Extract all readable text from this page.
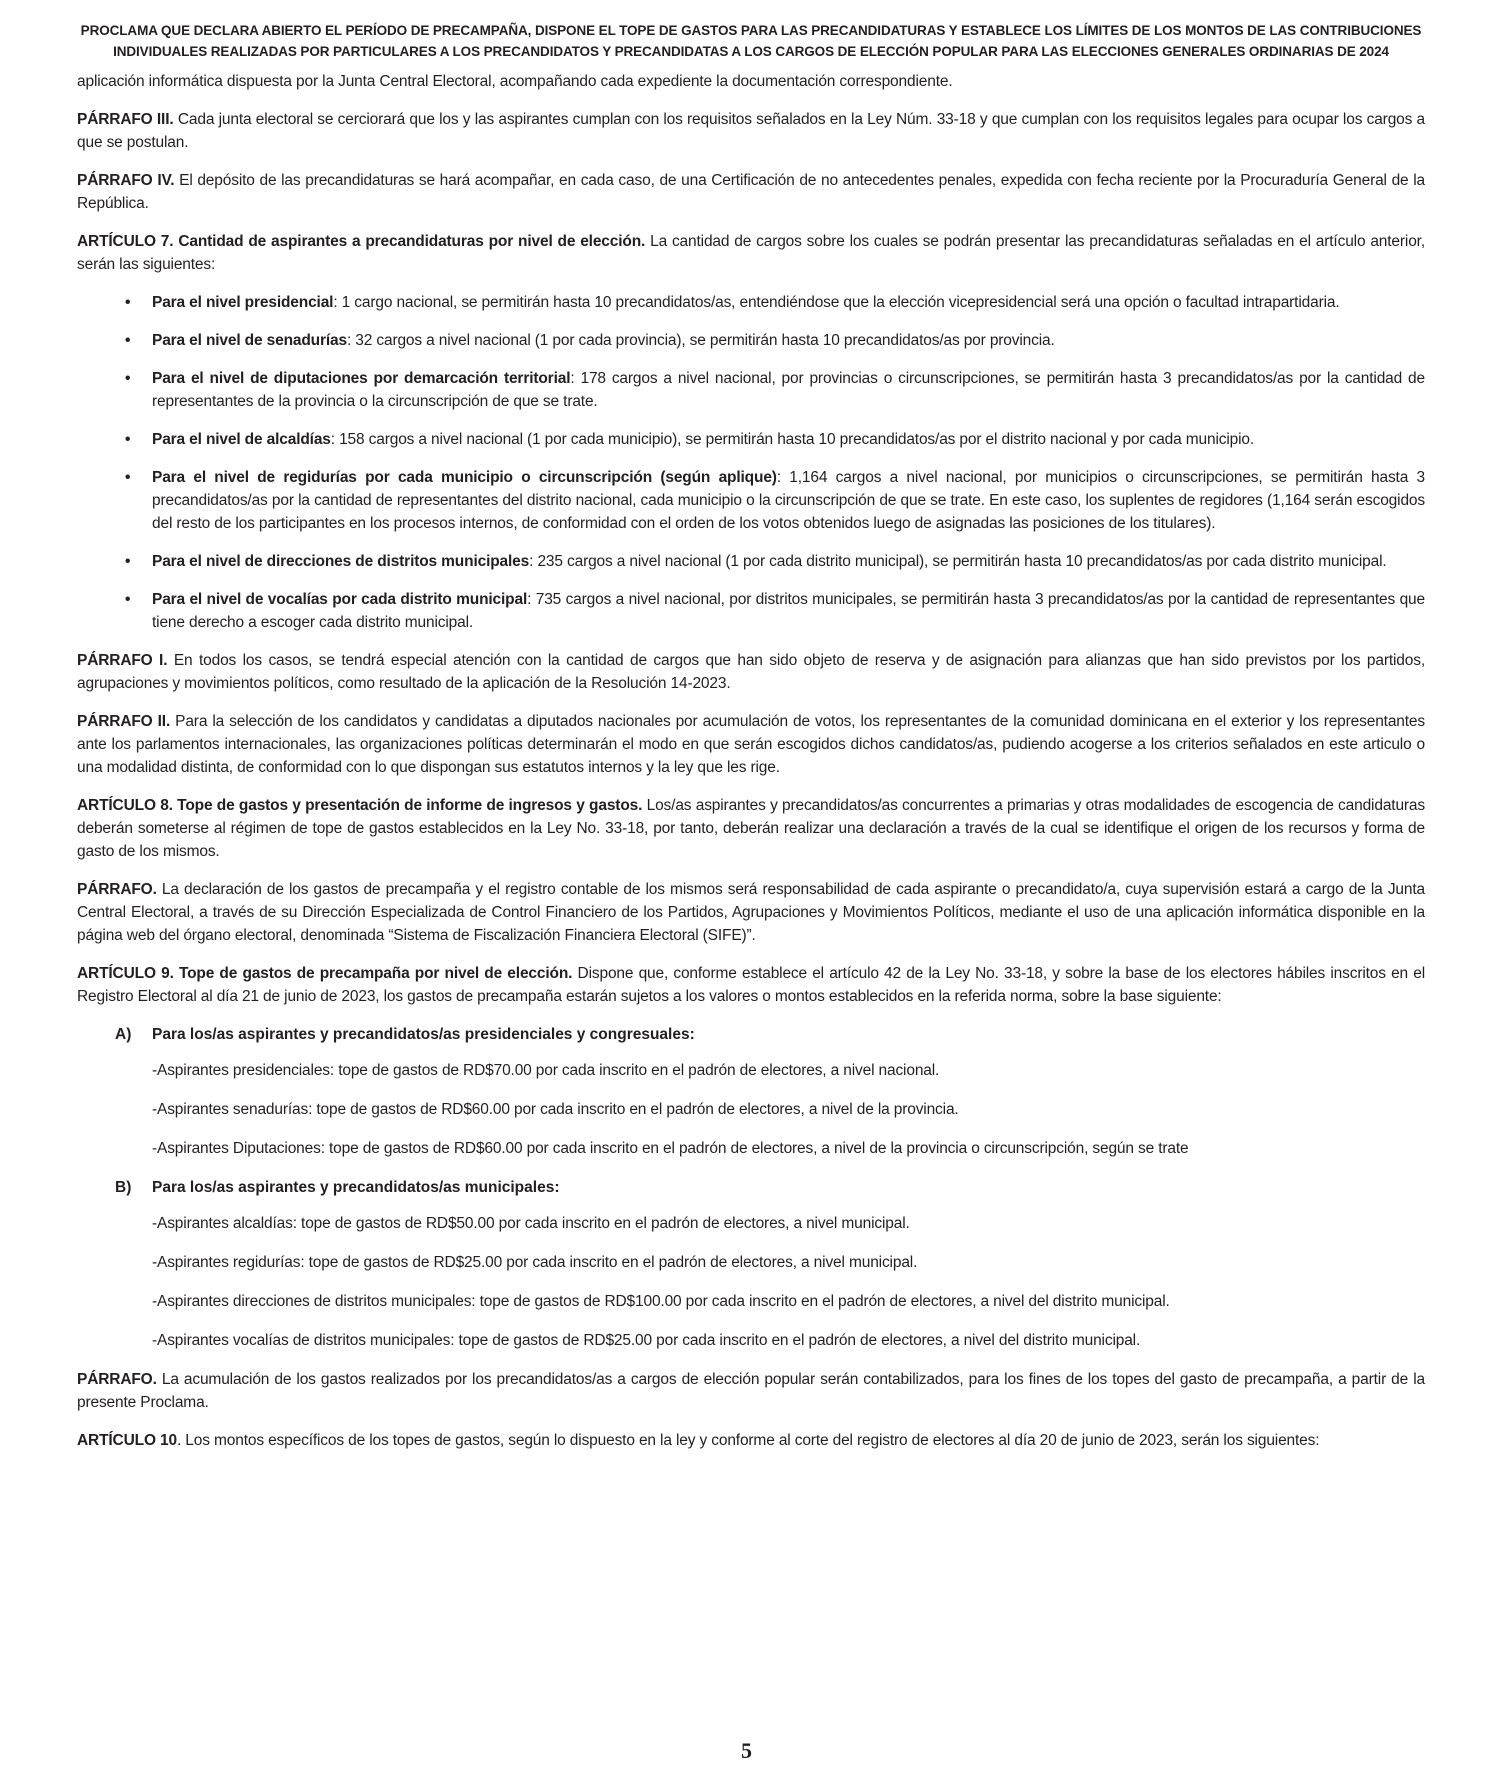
PROCLAMA QUE DECLARA ABIERTO EL PERÍODO DE PRECAMPAÑA, DISPONE EL TOPE DE GASTOS PARA LAS PRECANDIDATURAS Y ESTABLECE LOS LÍMITES DE LOS MONTOS DE LAS CONTRIBUCIONES
INDIVIDUALES REALIZADAS POR PARTICULARES A LOS PRECANDIDATOS Y PRECANDIDATAS A LOS CARGOS DE ELECCIÓN POPULAR PARA LAS ELECCIONES GENERALES ORDINARIAS DE 2024

aplicación informática dispuesta por la Junta Central Electoral, acompañando cada expediente la documentación correspondiente.

PÁRRAFO III. Cada junta electoral se cerciorará que los y las aspirantes cumplan con los requisitos señalados en la Ley Núm. 33-18 y que cumplan con los requisitos legales para ocupar los cargos a que se postulan.

PÁRRAFO IV. El depósito de las precandidaturas se hará acompañar, en cada caso, de una Certificación de no antecedentes penales, expedida con fecha reciente por la Procuraduría General de la República.

ARTÍCULO 7. Cantidad de aspirantes a precandidaturas por nivel de elección. La cantidad de cargos sobre los cuales se podrán presentar las precandidaturas señaladas en el artículo anterior, serán las siguientes:

• Para el nivel presidencial: 1 cargo nacional, se permitirán hasta 10 precandidatos/as, entendiéndose que la elección vicepresidencial será una opción o facultad intrapartidaria.
• Para el nivel de senadurías: 32 cargos a nivel nacional (1 por cada provincia), se permitirán hasta 10 precandidatos/as por provincia.
• Para el nivel de diputaciones por demarcación territorial: 178 cargos a nivel nacional, por provincias o circunscripciones, se permitirán hasta 3 precandidatos/as por la cantidad de representantes de la provincia o la circunscripción de que se trate.
• Para el nivel de alcaldías: 158 cargos a nivel nacional (1 por cada municipio), se permitirán hasta 10 precandidatos/as por el distrito nacional y por cada municipio.
• Para el nivel de regidurías por cada municipio o circunscripción (según aplique): 1,164 cargos a nivel nacional, por municipios o circunscripciones, se permitirán hasta 3 precandidatos/as por la cantidad de representantes del distrito nacional, cada municipio o la circunscripción de que se trate. En este caso, los suplentes de regidores (1,164 serán escogidos del resto de los participantes en los procesos internos, de conformidad con el orden de los votos obtenidos luego de asignadas las posiciones de los titulares).
• Para el nivel de direcciones de distritos municipales: 235 cargos a nivel nacional (1 por cada distrito municipal), se permitirán hasta 10 precandidatos/as por cada distrito municipal.
• Para el nivel de vocalías por cada distrito municipal: 735 cargos a nivel nacional, por distritos municipales, se permitirán hasta 3 precandidatos/as por la cantidad de representantes que tiene derecho a escoger cada distrito municipal.

PÁRRAFO I. En todos los casos, se tendrá especial atención con la cantidad de cargos que han sido objeto de reserva y de asignación para alianzas que han sido previstos por los partidos, agrupaciones y movimientos políticos, como resultado de la aplicación de la Resolución 14-2023.

PÁRRAFO II. Para la selección de los candidatos y candidatas a diputados nacionales por acumulación de votos, los representantes de la comunidad dominicana en el exterior y los representantes ante los parlamentos internacionales, las organizaciones políticas determinarán el modo en que serán escogidos dichos candidatos/as, pudiendo acogerse a los criterios señalados en este articulo o una modalidad distinta, de conformidad con lo que dispongan sus estatutos internos y la ley que les rige.

ARTÍCULO 8. Tope de gastos y presentación de informe de ingresos y gastos. Los/as aspirantes y precandidatos/as concurrentes a primarias y otras modalidades de escogencia de candidaturas deberán someterse al régimen de tope de gastos establecidos en la Ley No. 33-18, por tanto, deberán realizar una declaración a través de la cual se identifique el origen de los recursos y forma de gasto de los mismos.

PÁRRAFO. La declaración de los gastos de precampaña y el registro contable de los mismos será responsabilidad de cada aspirante o precandidato/a, cuya supervisión estará a cargo de la Junta Central Electoral, a través de su Dirección Especializada de Control Financiero de los Partidos, Agrupaciones y Movimientos Políticos, mediante el uso de una aplicación informática disponible en la página web del órgano electoral, denominada “Sistema de Fiscalización Financiera Electoral (SIFE)”.

ARTÍCULO 9. Tope de gastos de precampaña por nivel de elección. Dispone que, conforme establece el artículo 42 de la Ley No. 33-18, y sobre la base de los electores hábiles inscritos en el Registro Electoral al día 21 de junio de 2023, los gastos de precampaña estarán sujetos a los valores o montos establecidos en la referida norma, sobre la base siguiente:

A) Para los/as aspirantes y precandidatos/as presidenciales y congresuales:
-Aspirantes presidenciales: tope de gastos de RD$70.00 por cada inscrito en el padrón de electores, a nivel nacional.
-Aspirantes senadurías: tope de gastos de RD$60.00 por cada inscrito en el padrón de electores, a nivel de la provincia.
-Aspirantes Diputaciones: tope de gastos de RD$60.00 por cada inscrito en el padrón de electores, a nivel de la provincia o circunscripción, según se trate
B) Para los/as aspirantes y precandidatos/as municipales:
-Aspirantes alcaldías: tope de gastos de RD$50.00 por cada inscrito en el padrón de electores, a nivel municipal.
-Aspirantes regidurías: tope de gastos de RD$25.00 por cada inscrito en el padrón de electores, a nivel municipal.
-Aspirantes direcciones de distritos municipales: tope de gastos de RD$100.00 por cada inscrito en el padrón de electores, a nivel del distrito municipal.
-Aspirantes vocalías de distritos municipales: tope de gastos de RD$25.00 por cada inscrito en el padrón de electores, a nivel del distrito municipal.

PÁRRAFO. La acumulación de los gastos realizados por los precandidatos/as a cargos de elección popular serán contabilizados, para los fines de los topes del gasto de precampaña, a partir de la presente Proclama.

ARTÍCULO 10. Los montos específicos de los topes de gastos, según lo dispuesto en la ley y conforme al corte del registro de electores al día 20 de junio de 2023, serán los siguientes:

5
